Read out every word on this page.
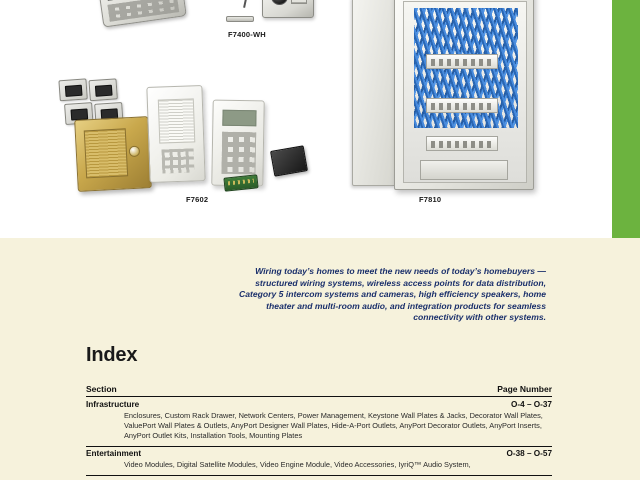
F7400-WH
F7602	F7810
Wiring today’s homes to meet the new needs of today’s homebuyers — structured wiring systems, wireless access points for data distribution, Category 5 intercom systems and cameras, high efficiency speakers, home theater and multi-room audio, and integration products for seamless connectivity with other systems.
Index
Section	Page Number
Infrastructure	O-4 – O-37
Enclosures, Custom Rack Drawer, Network Centers, Power Management, Keystone Wall Plates & Jacks, Decorator Wall Plates, ValuePort Wall Plates & Outlets, AnyPort Designer Wall Plates, Hide-A-Port Outlets, AnyPort Decorator Outlets, AnyPort Inserts, AnyPort Outlet Kits, Installation Tools, Mounting Plates
Entertainment	O-38 – O-57
Video Modules, Digital Satellite Modules, Video Engine Module, Video Accessories, IyriQ™ Audio System,
